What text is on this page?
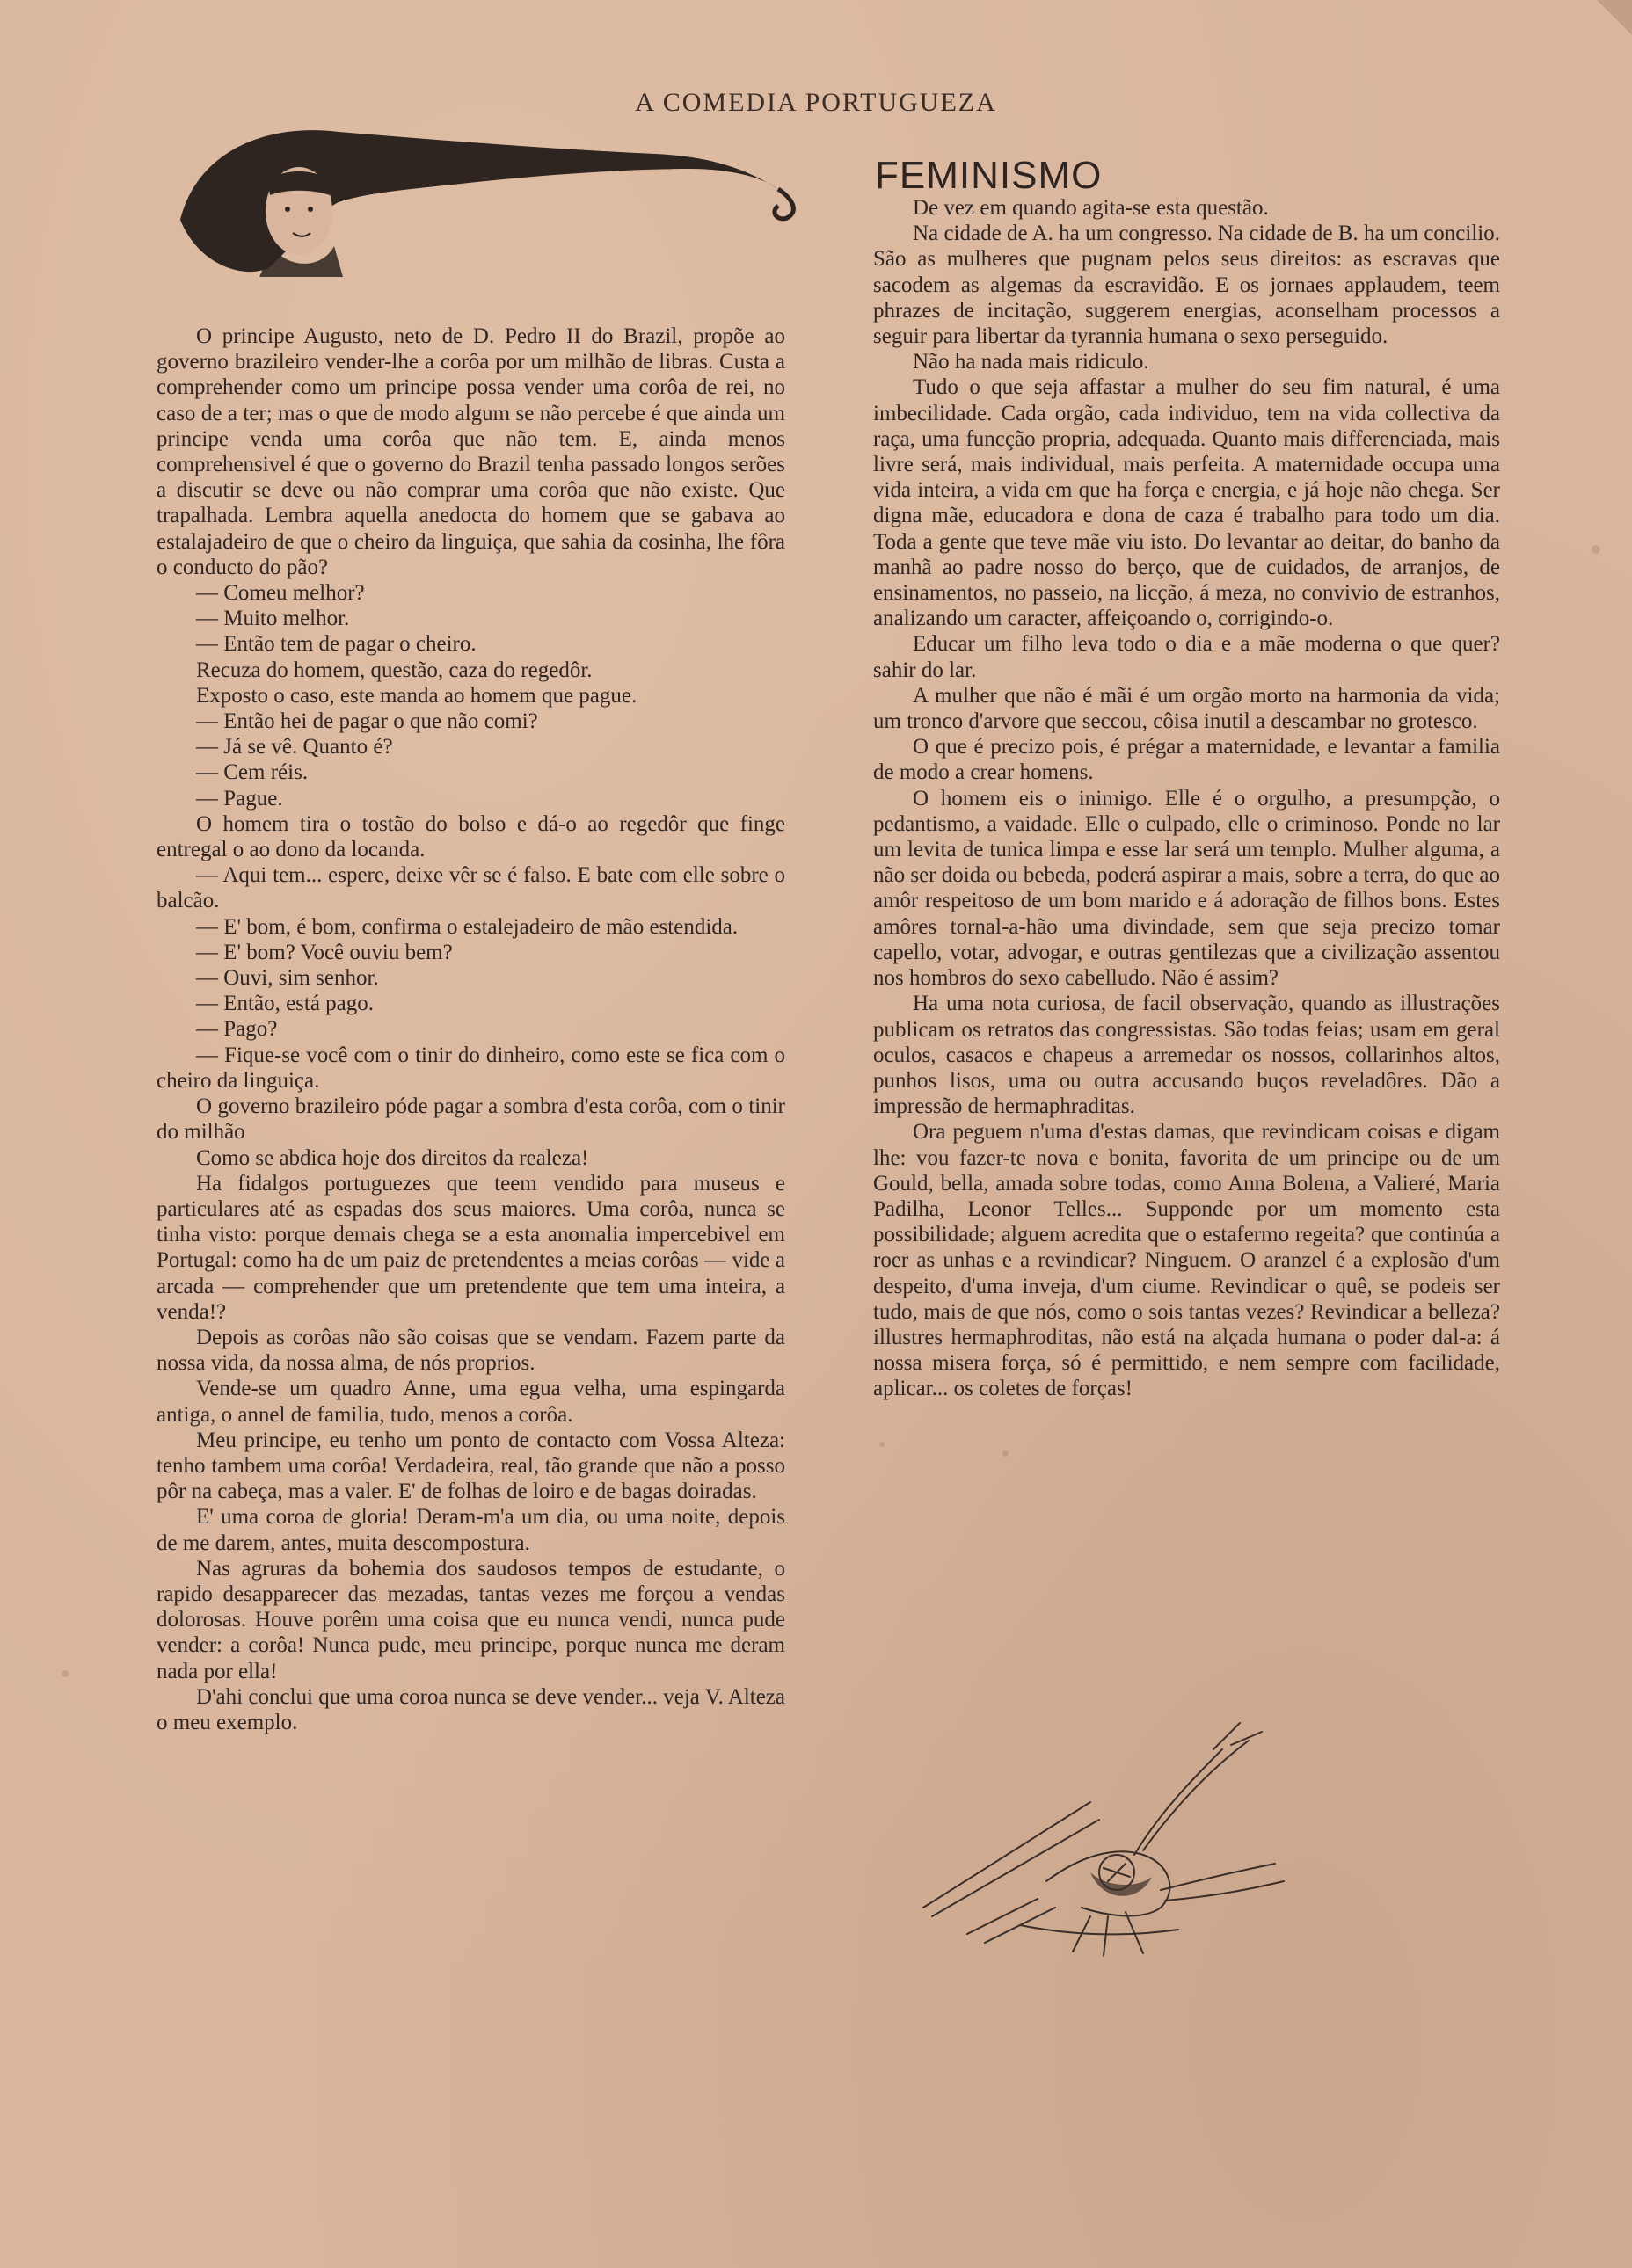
A COMEDIA PORTUGUEZA

O principe Augusto, neto de D. Pedro II do Brazil, propõe ao governo brazileiro vender-lhe a corôa por um milhão de libras. Custa a comprehender como um principe possa vender uma corôa de rei, no caso de a ter; mas o que de modo algum se não percebe é que ainda um principe venda uma corôa que não tem. E, ainda menos comprehensivel é que o governo do Brazil tenha passado longos serões a discutir se deve ou não comprar uma corôa que não existe. Que trapalhada. Lembra aquella anedocta do homem que se gabava ao estalajadeiro de que o cheiro da linguiça, que sahia da cosinha, lhe fôra o conducto do pão?

— Comeu melhor?

— Muito melhor.

— Então tem de pagar o cheiro.

Recuza do homem, questão, caza do regedôr.

Exposto o caso, este manda ao homem que pague.

— Então hei de pagar o que não comi?

— Já se vê. Quanto é?

— Cem réis.

— Pague.

O homem tira o tostão do bolso e dá-o ao regedôr que finge entregal o ao dono da locanda.

— Aqui tem... espere, deixe vêr se é falso. E bate com elle sobre o balcão.

— E' bom, é bom, confirma o estalejadeiro de mão estendida.

— E' bom? Você ouviu bem?

— Ouvi, sim senhor.

— Então, está pago.

— Pago?

— Fique-se você com o tinir do dinheiro, como este se fica com o cheiro da linguiça.

O governo brazileiro póde pagar a sombra d'esta corôa, com o tinir do milhão

Como se abdica hoje dos direitos da realeza!

Ha fidalgos portuguezes que teem vendido para museus e particulares até as espadas dos seus maiores. Uma corôa, nunca se tinha visto: porque demais chega se a esta anomalia impercebivel em Portugal: como ha de um paiz de pretendentes a meias corôas — vide a arcada — comprehender que um pretendente que tem uma inteira, a venda!?

Depois as corôas não são coisas que se vendam. Fazem parte da nossa vida, da nossa alma, de nós proprios.

Vende-se um quadro Anne, uma egua velha, uma espingarda antiga, o annel de familia, tudo, menos a corôa.

Meu principe, eu tenho um ponto de contacto com Vossa Alteza: tenho tambem uma corôa! Verdadeira, real, tão grande que não a posso pôr na cabeça, mas a valer. E' de folhas de loiro e de bagas doiradas.

E' uma coroa de gloria! Deram-m'a um dia, ou uma noite, depois de me darem, antes, muita descompostura.

Nas agruras da bohemia dos saudosos tempos de estudante, o rapido desapparecer das mezadas, tantas vezes me forçou a vendas dolorosas. Houve porêm uma coisa que eu nunca vendi, nunca pude vender: a corôa! Nunca pude, meu principe, porque nunca me deram nada por ella!

D'ahi conclui que uma coroa nunca se deve vender... veja V. Alteza o meu exemplo.

FEMINISMO

De vez em quando agita-se esta questão.

Na cidade de A. ha um congresso. Na cidade de B. ha um concilio. São as mulheres que pugnam pelos seus direitos: as escravas que sacodem as algemas da escravidão. E os jornaes applaudem, teem phrazes de incitação, suggerem energias, aconselham processos a seguir para libertar da tyrannia humana o sexo perseguido.

Não ha nada mais ridiculo.

Tudo o que seja affastar a mulher do seu fim natural, é uma imbecilidade. Cada orgão, cada individuo, tem na vida collectiva da raça, uma funcção propria, adequada. Quanto mais differenciada, mais livre será, mais individual, mais perfeita. A maternidade occupa uma vida inteira, a vida em que ha força e energia, e já hoje não chega. Ser digna mãe, educadora e dona de caza é trabalho para todo um dia. Toda a gente que teve mãe viu isto. Do levantar ao deitar, do banho da manhã ao padre nosso do berço, que de cuidados, de arranjos, de ensinamentos, no passeio, na licção, á meza, no convivio de estranhos, analizando um caracter, affeiçoando o, corrigindo-o.

Educar um filho leva todo o dia e a mãe moderna o que quer? sahir do lar.

A mulher que não é mãi é um orgão morto na harmonia da vida; um tronco d'arvore que seccou, côisa inutil a descambar no grotesco.

O que é precizo pois, é prégar a maternidade, e levantar a familia de modo a crear homens.

O homem eis o inimigo. Elle é o orgulho, a presumpção, o pedantismo, a vaidade. Elle o culpado, elle o criminoso. Ponde no lar um levita de tunica limpa e esse lar será um templo. Mulher alguma, a não ser doida ou bebeda, poderá aspirar a mais, sobre a terra, do que ao amôr respeitoso de um bom marido e á adoração de filhos bons. Estes amôres tornal-a-hão uma divindade, sem que seja precizo tomar capello, votar, advogar, e outras gentilezas que a civilização assentou nos hombros do sexo cabelludo. Não é assim?

Ha uma nota curiosa, de facil observação, quando as illustrações publicam os retratos das congressistas. São todas feias; usam em geral oculos, casacos e chapeus a arremedar os nossos, collarinhos altos, punhos lisos, uma ou outra accusando buços reveladôres. Dão a impressão de hermaphraditas.

Ora peguem n'uma d'estas damas, que revindicam coisas e digam lhe: vou fazer-te nova e bonita, favorita de um principe ou de um Gould, bella, amada sobre todas, como Anna Bolena, a Valieré, Maria Padilha, Leonor Telles... Supponde por um momento esta possibilidade; alguem acredita que o estafermo regeita? que continúa a roer as unhas e a revindicar? Ninguem. O aranzel é a explosão d'um despeito, d'uma inveja, d'um ciume. Revindicar o quê, se podeis ser tudo, mais de que nós, como o sois tantas vezes? Revindicar a belleza? illustres hermaphroditas, não está na alçada humana o poder dal-a: á nossa misera força, só é permittido, e nem sempre com facilidade, aplicar... os coletes de forças!
